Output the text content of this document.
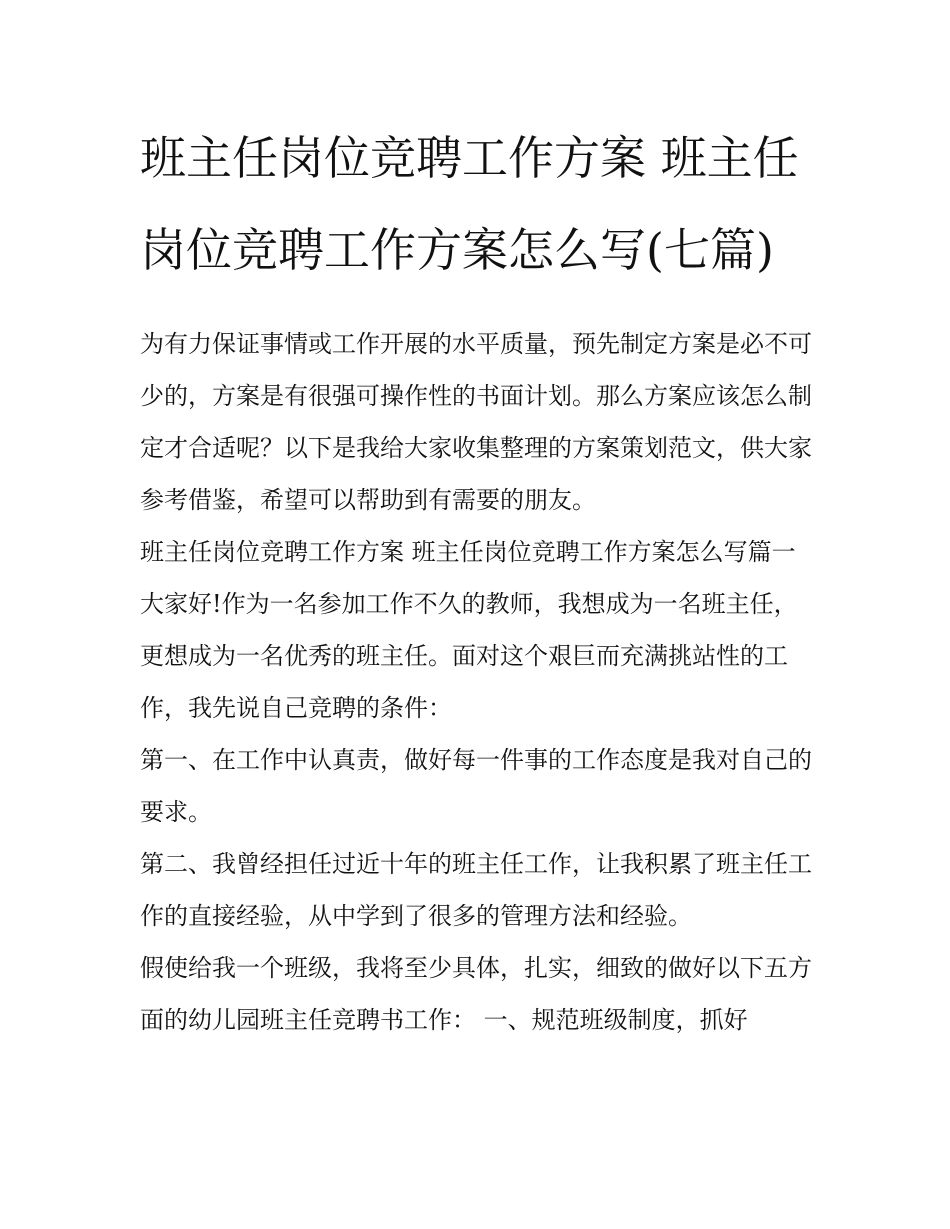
班主任岗位竞聘工作方案 班主任岗位竞聘工作方案怎么写(七篇)

为有力保证事情或工作开展的水平质量，预先制定方案是必不可少的，方案是有很强可操作性的书面计划。那么方案应该怎么制定才合适呢？以下是我给大家收集整理的方案策划范文，供大家参考借鉴，希望可以帮助到有需要的朋友。

班主任岗位竞聘工作方案 班主任岗位竞聘工作方案怎么写篇一

大家好!作为一名参加工作不久的教师，我想成为一名班主任，更想成为一名优秀的班主任。面对这个艰巨而充满挑站性的工作，我先说自己竞聘的条件：

第一、在工作中认真责，做好每一件事的工作态度是我对自己的要求。

第二、我曾经担任过近十年的班主任工作，让我积累了班主任工作的直接经验，从中学到了很多的管理方法和经验。

假使给我一个班级，我将至少具体，扎实，细致的做好以下五方面的幼儿园班主任竞聘书工作： 一、规范班级制度，抓好
